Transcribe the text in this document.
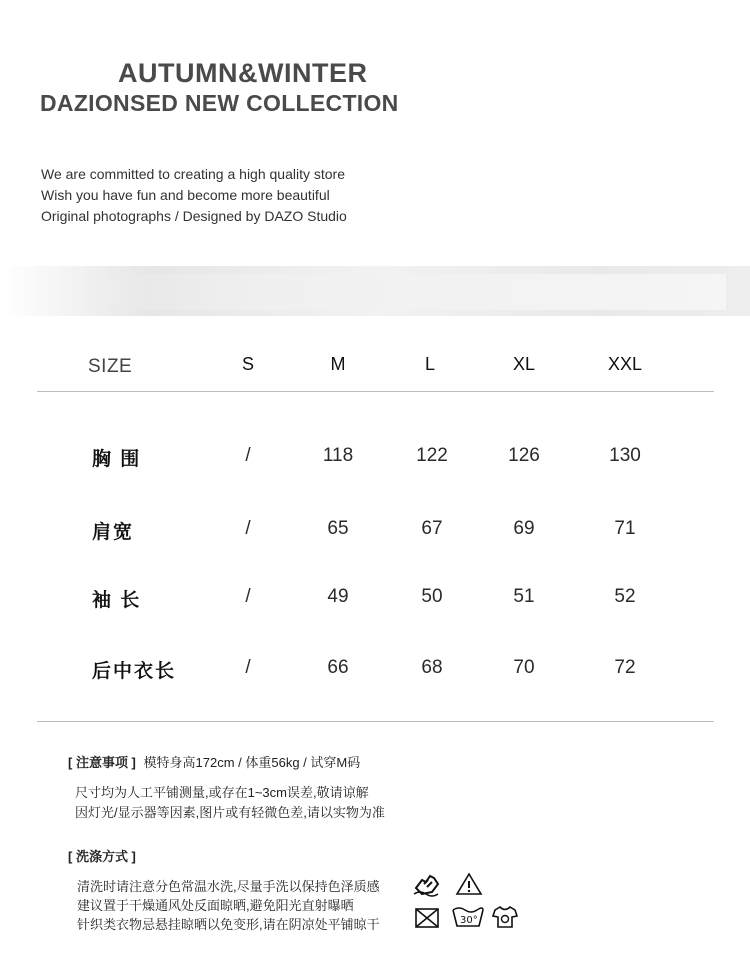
AUTUMN&WINTER
DAZIONSED NEW COLLECTION
We are committed to creating a high quality store
Wish you have fun and become more beautiful
Original photographs / Designed by DAZO Studio
SIZE	S	M	L	XL	XXL
胸 围	/	118	122	126	130
肩宽	/	65	67	69	71
袖 长	/	49	50	51	52
后中衣长	/	66	68	70	72
[ 注意事项 ] 模特身高172cm / 体重56kg / 试穿M码
尺寸均为人工平铺测量,或存在1~3cm误差,敬请谅解
因灯光/显示器等因素,图片或有轻微色差,请以实物为准
[ 洗涤方式 ]
清洗时请注意分色常温水洗,尽量手洗以保持色泽质感
建议置于干燥通风处反面晾晒,避免阳光直射曝晒
针织类衣物忌悬挂晾晒以免变形,请在阴凉处平铺晾干	30°
